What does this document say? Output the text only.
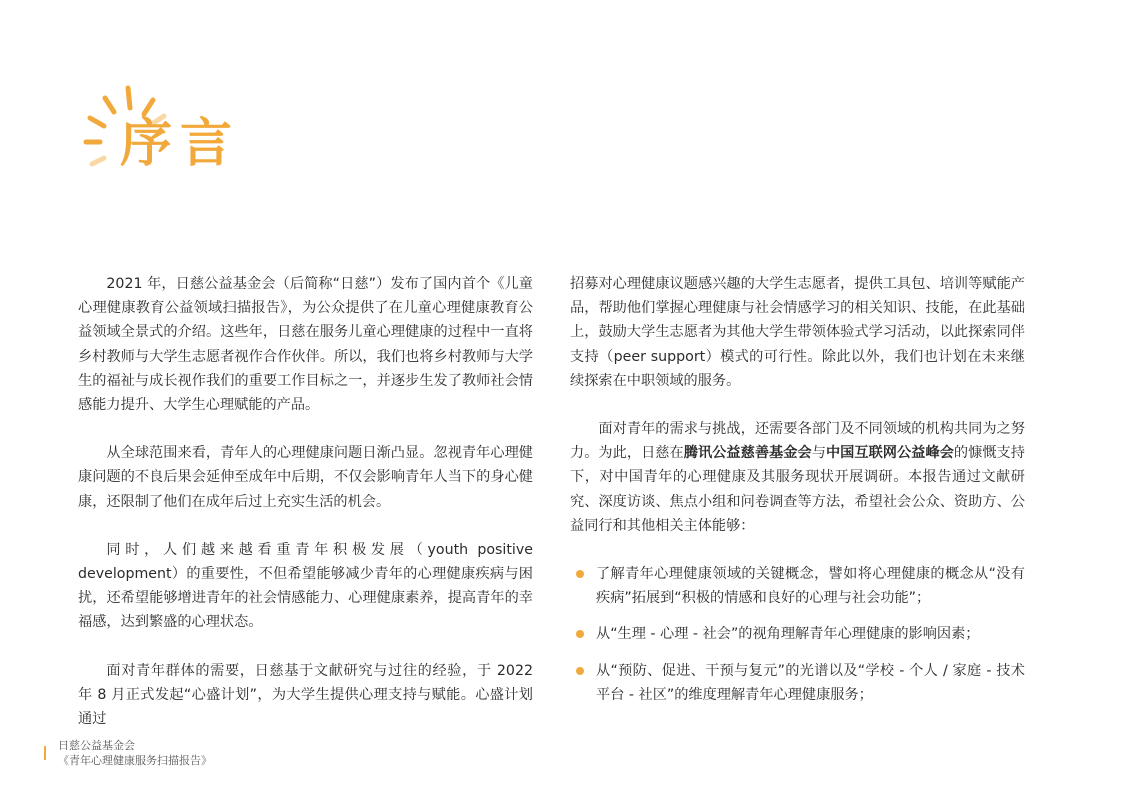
序言

2021 年，日慈公益基金会（后简称“日慈”）发布了国内首个《儿童心理健康教育公益领域扫描报告》，为公众提供了在儿童心理健康教育公益领域全景式的介绍。这些年，日慈在服务儿童心理健康的过程中一直将乡村教师与大学生志愿者视作合作伙伴。所以，我们也将乡村教师与大学生的福祉与成长视作我们的重要工作目标之一，并逐步生发了教师社会情感能力提升、大学生心理赋能的产品。

从全球范围来看，青年人的心理健康问题日渐凸显。忽视青年心理健康问题的不良后果会延伸至成年中后期，不仅会影响青年人当下的身心健康，还限制了他们在成年后过上充实生活的机会。

同时，人们越来越看重青年积极发展（youth positive development）的重要性，不但希望能够减少青年的心理健康疾病与困扰，还希望能够增进青年的社会情感能力、心理健康素养，提高青年的幸福感，达到繁盛的心理状态。

面对青年群体的需要，日慈基于文献研究与过往的经验，于 2022 年 8 月正式发起“心盛计划”，为大学生提供心理支持与赋能。心盛计划通过

招募对心理健康议题感兴趣的大学生志愿者，提供工具包、培训等赋能产品，帮助他们掌握心理健康与社会情感学习的相关知识、技能，在此基础上，鼓励大学生志愿者为其他大学生带领体验式学习活动，以此探索同伴支持（peer support）模式的可行性。除此以外，我们也计划在未来继续探索在中职领域的服务。

面对青年的需求与挑战，还需要各部门及不同领域的机构共同为之努力。为此，日慈在腾讯公益慈善基金会与中国互联网公益峰会的慷慨支持下，对中国青年的心理健康及其服务现状开展调研。本报告通过文献研究、深度访谈、焦点小组和问卷调查等方法，希望社会公众、资助方、公益同行和其他相关主体能够：

了解青年心理健康领域的关键概念，譬如将心理健康的概念从“没有疾病”拓展到“积极的情感和良好的心理与社会功能”；
从“生理 - 心理 - 社会”的视角理解青年心理健康的影响因素；
从“预防、促进、干预与复元”的光谱以及“学校 - 个人 / 家庭 - 技术平台 - 社区”的维度理解青年心理健康服务；
日慈公益基金会
《青年心理健康服务扫描报告》
